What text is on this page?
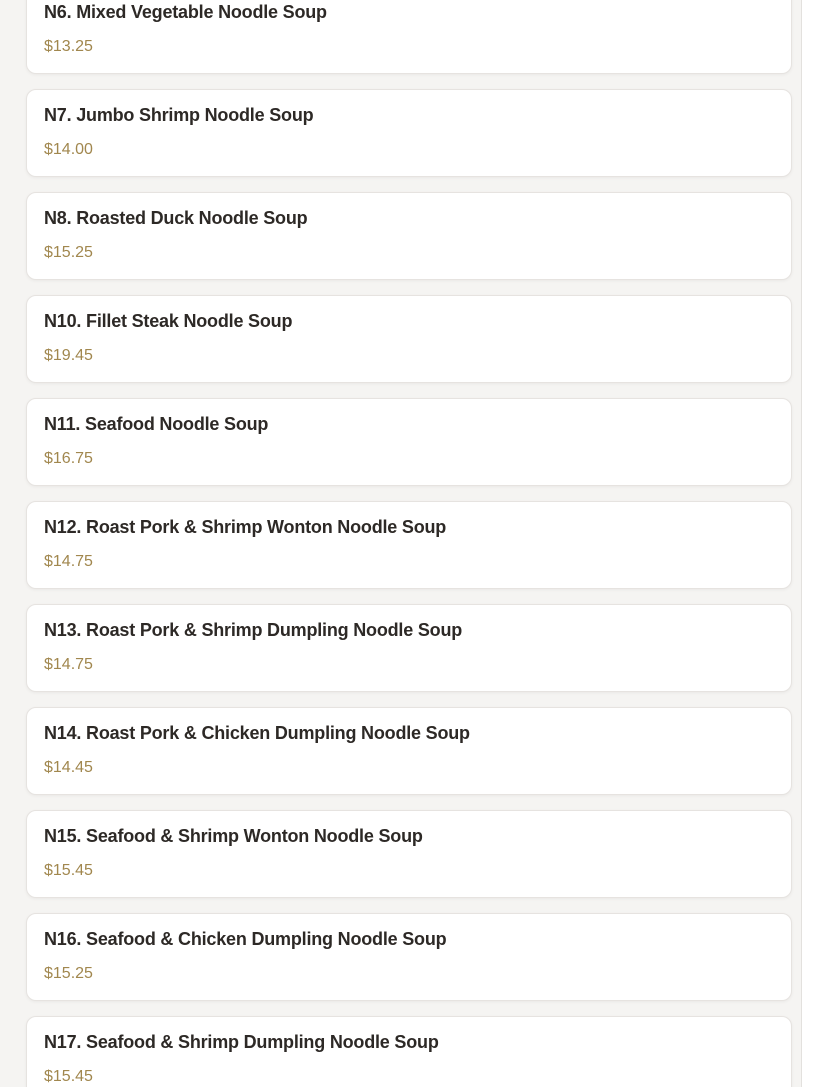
N6. Mixed Vegetable Noodle Soup
$13.25
N7. Jumbo Shrimp Noodle Soup
$14.00
N8. Roasted Duck Noodle Soup
$15.25
N10. Fillet Steak Noodle Soup
$19.45
N11. Seafood Noodle Soup
$16.75
N12. Roast Pork & Shrimp Wonton Noodle Soup
$14.75
N13. Roast Pork & Shrimp Dumpling Noodle Soup
$14.75
N14. Roast Pork & Chicken Dumpling Noodle Soup
$14.45
N15. Seafood & Shrimp Wonton Noodle Soup
$15.45
N16. Seafood & Chicken Dumpling Noodle Soup
$15.25
N17. Seafood & Shrimp Dumpling Noodle Soup
$15.45
